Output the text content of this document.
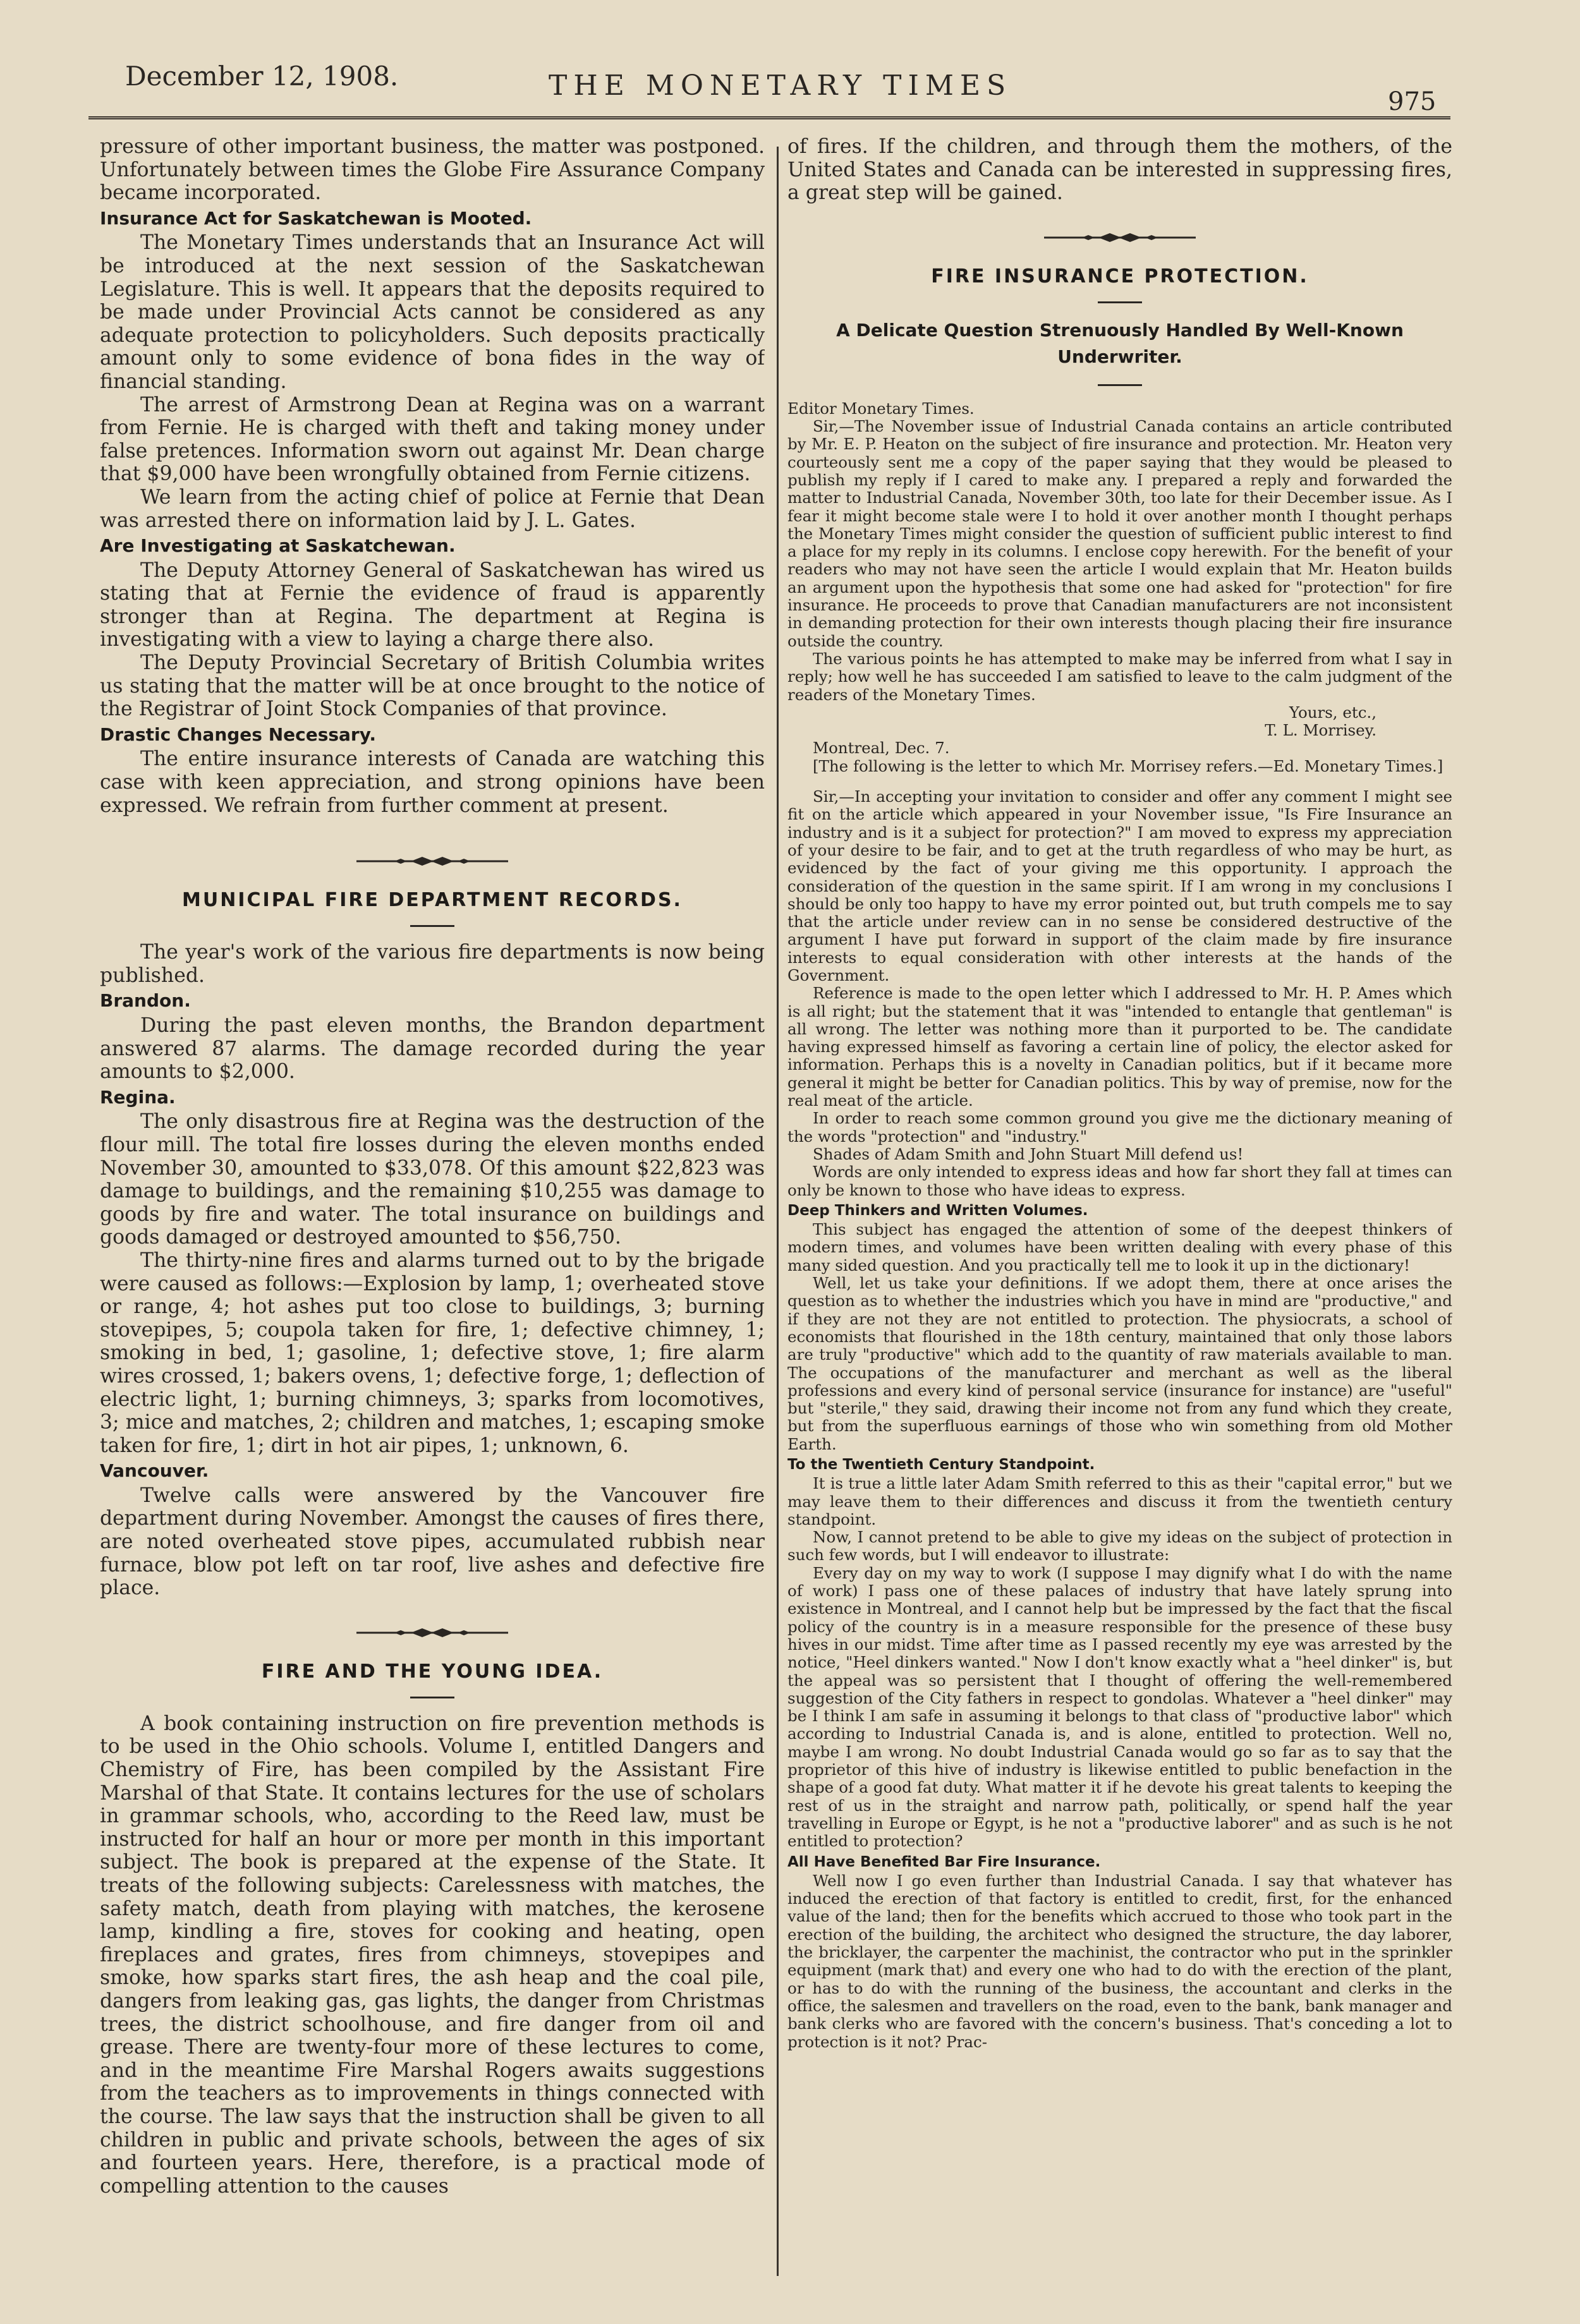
December 12, 1908.	THE MONETARY TIMES	975

pressure of other important business, the matter was postponed. Unfortunately between times the Globe Fire Assurance Company became incorporated.

Insurance Act for Saskatchewan is Mooted.

The Monetary Times understands that an Insurance Act will be introduced at the next session of the Saskatchewan Legislature. This is well. It appears that the deposits required to be made under Provincial Acts cannot be considered as any adequate protection to policyholders. Such deposits practically amount only to some evidence of bona fides in the way of financial standing.

The arrest of Armstrong Dean at Regina was on a warrant from Fernie. He is charged with theft and taking money under false pretences. Information sworn out against Mr. Dean charge that $9,000 have been wrongfully obtained from Fernie citizens.

We learn from the acting chief of police at Fernie that Dean was arrested there on information laid by J. L. Gates.

Are Investigating at Saskatchewan.

The Deputy Attorney General of Saskatchewan has wired us stating that at Fernie the evidence of fraud is apparently stronger than at Regina. The department at Regina is investigating with a view to laying a charge there also.

The Deputy Provincial Secretary of British Columbia writes us stating that the matter will be at once brought to the notice of the Registrar of Joint Stock Companies of that province.

Drastic Changes Necessary.

The entire insurance interests of Canada are watching this case with keen appreciation, and strong opinions have been expressed. We refrain from further comment at present.

MUNICIPAL FIRE DEPARTMENT RECORDS.

The year's work of the various fire departments is now being published.

Brandon.

During the past eleven months, the Brandon department answered 87 alarms. The damage recorded during the year amounts to $2,000.

Regina.

The only disastrous fire at Regina was the destruction of the flour mill. The total fire losses during the eleven months ended November 30, amounted to $33,078. Of this amount $22,823 was damage to buildings, and the remaining $10,255 was damage to goods by fire and water. The total insurance on buildings and goods damaged or destroyed amounted to $56,750.

The thirty-nine fires and alarms turned out to by the brigade were caused as follows:—Explosion by lamp, 1; overheated stove or range, 4; hot ashes put too close to buildings, 3; burning stovepipes, 5; coupola taken for fire, 1; defective chimney, 1; smoking in bed, 1; gasoline, 1; defective stove, 1; fire alarm wires crossed, 1; bakers ovens, 1; defective forge, 1; deflection of electric light, 1; burning chimneys, 3; sparks from locomotives, 3; mice and matches, 2; children and matches, 1; escaping smoke taken for fire, 1; dirt in hot air pipes, 1; unknown, 6.

Vancouver.

Twelve calls were answered by the Vancouver fire department during November. Amongst the causes of fires there, are noted overheated stove pipes, accumulated rubbish near furnace, blow pot left on tar roof, live ashes and defective fire place.

FIRE AND THE YOUNG IDEA.

A book containing instruction on fire prevention methods is to be used in the Ohio schools. Volume I, entitled Dangers and Chemistry of Fire, has been compiled by the Assistant Fire Marshal of that State. It contains lectures for the use of scholars in grammar schools, who, according to the Reed law, must be instructed for half an hour or more per month in this important subject. The book is prepared at the expense of the State. It treats of the following subjects: Carelessness with matches, the safety match, death from playing with matches, the kerosene lamp, kindling a fire, stoves for cooking and heating, open fireplaces and grates, fires from chimneys, stovepipes and smoke, how sparks start fires, the ash heap and the coal pile, dangers from leaking gas, gas lights, the danger from Christmas trees, the district schoolhouse, and fire danger from oil and grease. There are twenty-four more of these lectures to come, and in the meantime Fire Marshal Rogers awaits suggestions from the teachers as to improvements in things connected with the course. The law says that the instruction shall be given to all children in public and private schools, between the ages of six and fourteen years. Here, therefore, is a practical mode of compelling attention to the causes

of fires. If the children, and through them the mothers, of the United States and Canada can be interested in suppressing fires, a great step will be gained.

FIRE INSURANCE PROTECTION.
A Delicate Question Strenuously Handled By Well-Known Underwriter.

Editor Monetary Times.

Sir,—The November issue of Industrial Canada contains an article contributed by Mr. E. P. Heaton on the subject of fire insurance and protection. Mr. Heaton very courteously sent me a copy of the paper saying that they would be pleased to publish my reply if I cared to make any. I prepared a reply and forwarded the matter to Industrial Canada, November 30th, too late for their December issue. As I fear it might become stale were I to hold it over another month I thought perhaps the Monetary Times might consider the question of sufficient public interest to find a place for my reply in its columns. I enclose copy herewith. For the benefit of your readers who may not have seen the article I would explain that Mr. Heaton builds an argument upon the hypothesis that some one had asked for "protection" for fire insurance. He proceeds to prove that Canadian manufacturers are not inconsistent in demanding protection for their own interests though placing their fire insurance outside the country.

The various points he has attempted to make may be inferred from what I say in reply; how well he has succeeded I am satisfied to leave to the calm judgment of the readers of the Monetary Times.

Yours, etc.,

T. L. Morrisey.

Montreal, Dec. 7.

[The following is the letter to which Mr. Morrisey refers.—Ed. Monetary Times.]

Sir,—In accepting your invitation to consider and offer any comment I might see fit on the article which appeared in your November issue, "Is Fire Insurance an industry and is it a subject for protection?" I am moved to express my appreciation of your desire to be fair, and to get at the truth regardless of who may be hurt, as evidenced by the fact of your giving me this opportunity. I approach the consideration of the question in the same spirit. If I am wrong in my conclusions I should be only too happy to have my error pointed out, but truth compels me to say that the article under review can in no sense be considered destructive of the argument I have put forward in support of the claim made by fire insurance interests to equal consideration with other interests at the hands of the Government.

Reference is made to the open letter which I addressed to Mr. H. P. Ames which is all right; but the statement that it was "intended to entangle that gentleman" is all wrong. The letter was nothing more than it purported to be. The candidate having expressed himself as favoring a certain line of policy, the elector asked for information. Perhaps this is a novelty in Canadian politics, but if it became more general it might be better for Canadian politics. This by way of premise, now for the real meat of the article.

In order to reach some common ground you give me the dictionary meaning of the words "protection" and "industry."

Shades of Adam Smith and John Stuart Mill defend us!

Words are only intended to express ideas and how far short they fall at times can only be known to those who have ideas to express.

Deep Thinkers and Written Volumes.

This subject has engaged the attention of some of the deepest thinkers of modern times, and volumes have been written dealing with every phase of this many sided question. And you practically tell me to look it up in the dictionary!

Well, let us take your definitions. If we adopt them, there at once arises the question as to whether the industries which you have in mind are "productive," and if they are not they are not entitled to protection. The physiocrats, a school of economists that flourished in the 18th century, maintained that only those labors are truly "productive" which add to the quantity of raw materials available to man. The occupations of the manufacturer and merchant as well as the liberal professions and every kind of personal service (insurance for instance) are "useful" but "sterile," they said, drawing their income not from any fund which they create, but from the superfluous earnings of those who win something from old Mother Earth.

To the Twentieth Century Standpoint.

It is true a little later Adam Smith referred to this as their "capital error," but we may leave them to their differences and discuss it from the twentieth century standpoint.

Now, I cannot pretend to be able to give my ideas on the subject of protection in such few words, but I will endeavor to illustrate:

Every day on my way to work (I suppose I may dignify what I do with the name of work) I pass one of these palaces of industry that have lately sprung into existence in Montreal, and I cannot help but be impressed by the fact that the fiscal policy of the country is in a measure responsible for the presence of these busy hives in our midst. Time after time as I passed recently my eye was arrested by the notice, "Heel dinkers wanted." Now I don't know exactly what a "heel dinker" is, but the appeal was so persistent that I thought of offering the well-remembered suggestion of the City fathers in respect to gondolas. Whatever a "heel dinker" may be I think I am safe in assuming it belongs to that class of "productive labor" which according to Industrial Canada is, and is alone, entitled to protection. Well no, maybe I am wrong. No doubt Industrial Canada would go so far as to say that the proprietor of this hive of industry is likewise entitled to public benefaction in the shape of a good fat duty. What matter it if he devote his great talents to keeping the rest of us in the straight and narrow path, politically, or spend half the year travelling in Europe or Egypt, is he not a "productive laborer" and as such is he not entitled to protection?

All Have Benefited Bar Fire Insurance.

Well now I go even further than Industrial Canada. I say that whatever has induced the erection of that factory is entitled to credit, first, for the enhanced value of the land; then for the benefits which accrued to those who took part in the erection of the building, the architect who designed the structure, the day laborer, the bricklayer, the carpenter the machinist, the contractor who put in the sprinkler equipment (mark that) and every one who had to do with the erection of the plant, or has to do with the running of the business, the accountant and clerks in the office, the salesmen and travellers on the road, even to the bank, bank manager and bank clerks who are favored with the concern's business. That's conceding a lot to protection is it not? Prac-
